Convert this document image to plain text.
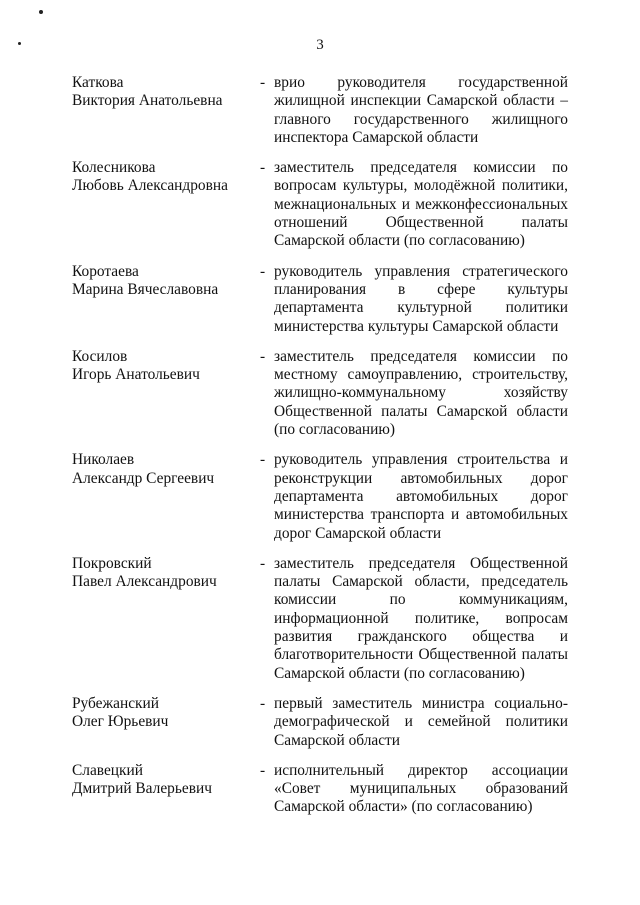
3
Каткова
Виктория Анатольевна
- врио руководителя государственной жилищной инспекции Самарской области – главного государственного жилищного инспектора Самарской области
Колесникова
Любовь Александровна
- заместитель председателя комиссии по вопросам культуры, молодёжной политики, межнациональных и межконфессиональных отношений Общественной палаты Самарской области (по согласованию)
Коротаева
Марина Вячеславовна
- руководитель управления стратегического планирования в сфере культуры департамента культурной политики министерства культуры Самарской области
Косилов
Игорь Анатольевич
- заместитель председателя комиссии по местному самоуправлению, строительству, жилищно-коммунальному хозяйству Общественной палаты Самарской области (по согласованию)
Николаев
Александр Сергеевич
- руководитель управления строительства и реконструкции автомобильных дорог департамента автомобильных дорог министерства транспорта и автомобильных дорог Самарской области
Покровский
Павел Александрович
- заместитель председателя Общественной палаты Самарской области, председатель комиссии по коммуникациям, информационной политике, вопросам развития гражданского общества и благотворительности Общественной палаты Самарской области (по согласованию)
Рубежанский
Олег Юрьевич
- первый заместитель министра социально-демографической и семейной политики Самарской области
Славецкий
Дмитрий Валерьевич
- исполнительный директор ассоциации «Совет муниципальных образований Самарской области» (по согласованию)
